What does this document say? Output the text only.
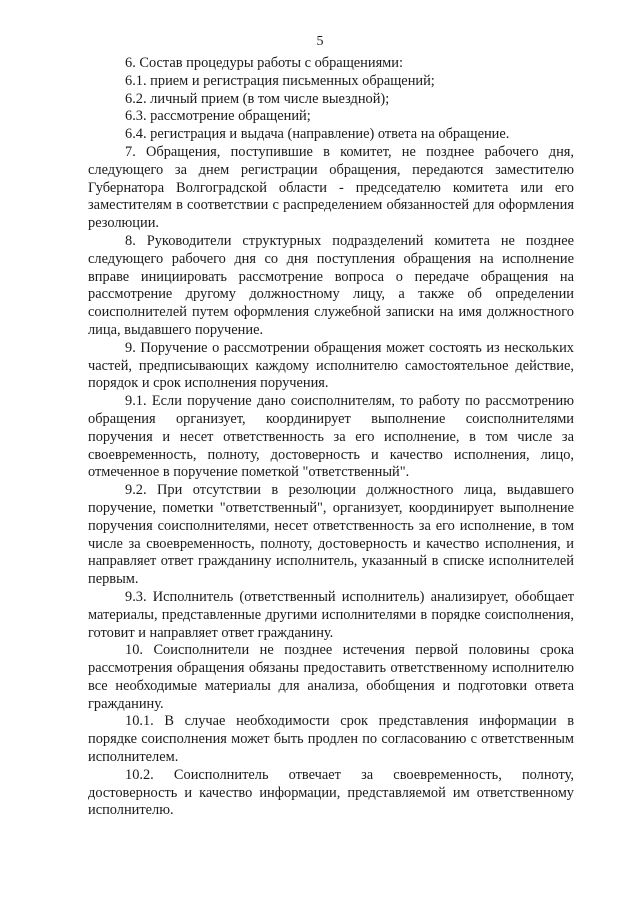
5

6. Состав процедуры работы с обращениями:

6.1. прием и регистрация письменных обращений;

6.2. личный прием (в том числе выездной);

6.3. рассмотрение обращений;

6.4. регистрация и выдача (направление) ответа на обращение.

7. Обращения, поступившие в комитет, не позднее рабочего дня, следующего за днем регистрации обращения, передаются заместителю Губернатора Волгоградской области - председателю комитета или его заместителям в соответствии с распределением обязанностей для оформления резолюции.

8. Руководители структурных подразделений комитета не позднее следующего рабочего дня со дня поступления обращения на исполнение вправе инициировать рассмотрение вопроса о передаче обращения на рассмотрение другому должностному лицу, а также об определении соисполнителей путем оформления служебной записки на имя должностного лица, выдавшего поручение.

9. Поручение о рассмотрении обращения может состоять из нескольких частей, предписывающих каждому исполнителю самостоятельное действие, порядок и срок исполнения поручения.

9.1. Если поручение дано соисполнителям, то работу по рассмотрению обращения организует, координирует выполнение соисполнителями поручения и несет ответственность за его исполнение, в том числе за своевременность, полноту, достоверность и качество исполнения, лицо, отмеченное в поручение пометкой "ответственный".

9.2. При отсутствии в резолюции должностного лица, выдавшего поручение, пометки "ответственный", организует, координирует выполнение поручения соисполнителями, несет ответственность за его исполнение, в том числе за своевременность, полноту, достоверность и качество исполнения, и направляет ответ гражданину исполнитель, указанный в списке исполнителей первым.

9.3. Исполнитель (ответственный исполнитель) анализирует, обобщает материалы, представленные другими исполнителями в порядке соисполнения, готовит и направляет ответ гражданину.

10. Соисполнители не позднее истечения первой половины срока рассмотрения обращения обязаны предоставить ответственному исполнителю все необходимые материалы для анализа, обобщения и подготовки ответа гражданину.

10.1. В случае необходимости срок представления информации в порядке соисполнения может быть продлен по согласованию с ответственным исполнителем.

10.2. Соисполнитель отвечает за своевременность, полноту, достоверность и качество информации, представляемой им ответственному исполнителю.
